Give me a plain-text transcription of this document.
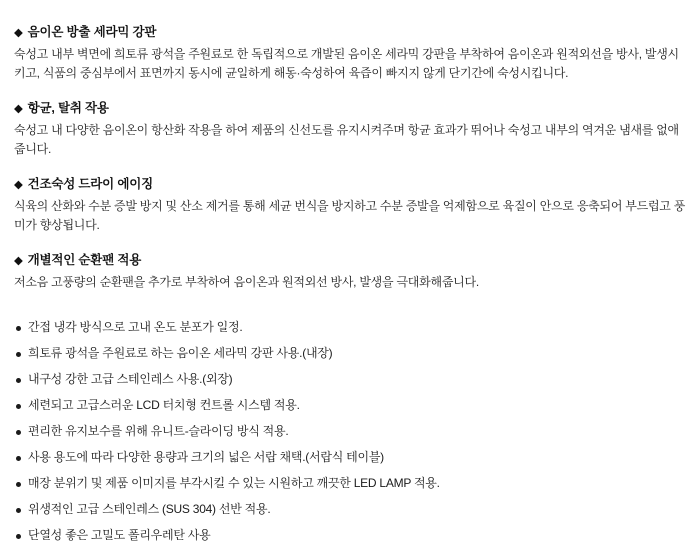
◆ 음이온 방출 세라믹 강판
숙성고 내부 벽면에 희토류 광석을 주원료로 한 독립적으로 개발된 음이온 세라믹 강판을 부착하여 음이온과 원적외선을 방사, 발생시키고, 식품의 중심부에서 표면까지 동시에 균일하게 해동·숙성하여 육즙이 빠지지 않게 단기간에 숙성시킵니다.
◆ 항균, 탈취 작용
숙성고 내 다양한 음이온이 항산화 작용을 하여 제품의 신선도를 유지시켜주며 항균 효과가 뛰어나 숙성고 내부의 역겨운 냄새를 없애줍니다.
◆ 건조숙성 드라이 에이징
식육의 산화와 수분 증발 방지 및 산소 제거를 통해 세균 번식을 방지하고 수분 증발을 억제함으로 육질이 안으로 응축되어 부드럽고 풍미가 향상됩니다.
◆ 개별적인 순환팬 적용
저소음 고풍량의 순환팬을 추가로 부착하여 음이온과 원적외선 방사, 발생을 극대화해줍니다.
간접 냉각 방식으로 고내 온도 분포가 일정.
희토류 광석을 주원료로 하는 음이온 세라믹 강판 사용.(내장)
내구성 강한 고급 스테인레스 사용.(외장)
세련되고 고급스러운 LCD 터치형 컨트롤 시스템 적용.
편리한 유지보수를 위해 유니트-슬라이딩 방식 적용.
사용 용도에 따라 다양한 용량과 크기의 넓은 서랍 채택.(서랍식 테이블)
매장 분위기 및 제품 이미지를 부각시킬 수 있는 시원하고 깨끗한 LED LAMP 적용.
위생적인 고급 스테인레스 (SUS 304) 선반 적용.
단열성 좋은 고밀도 폴리우레탄 사용
